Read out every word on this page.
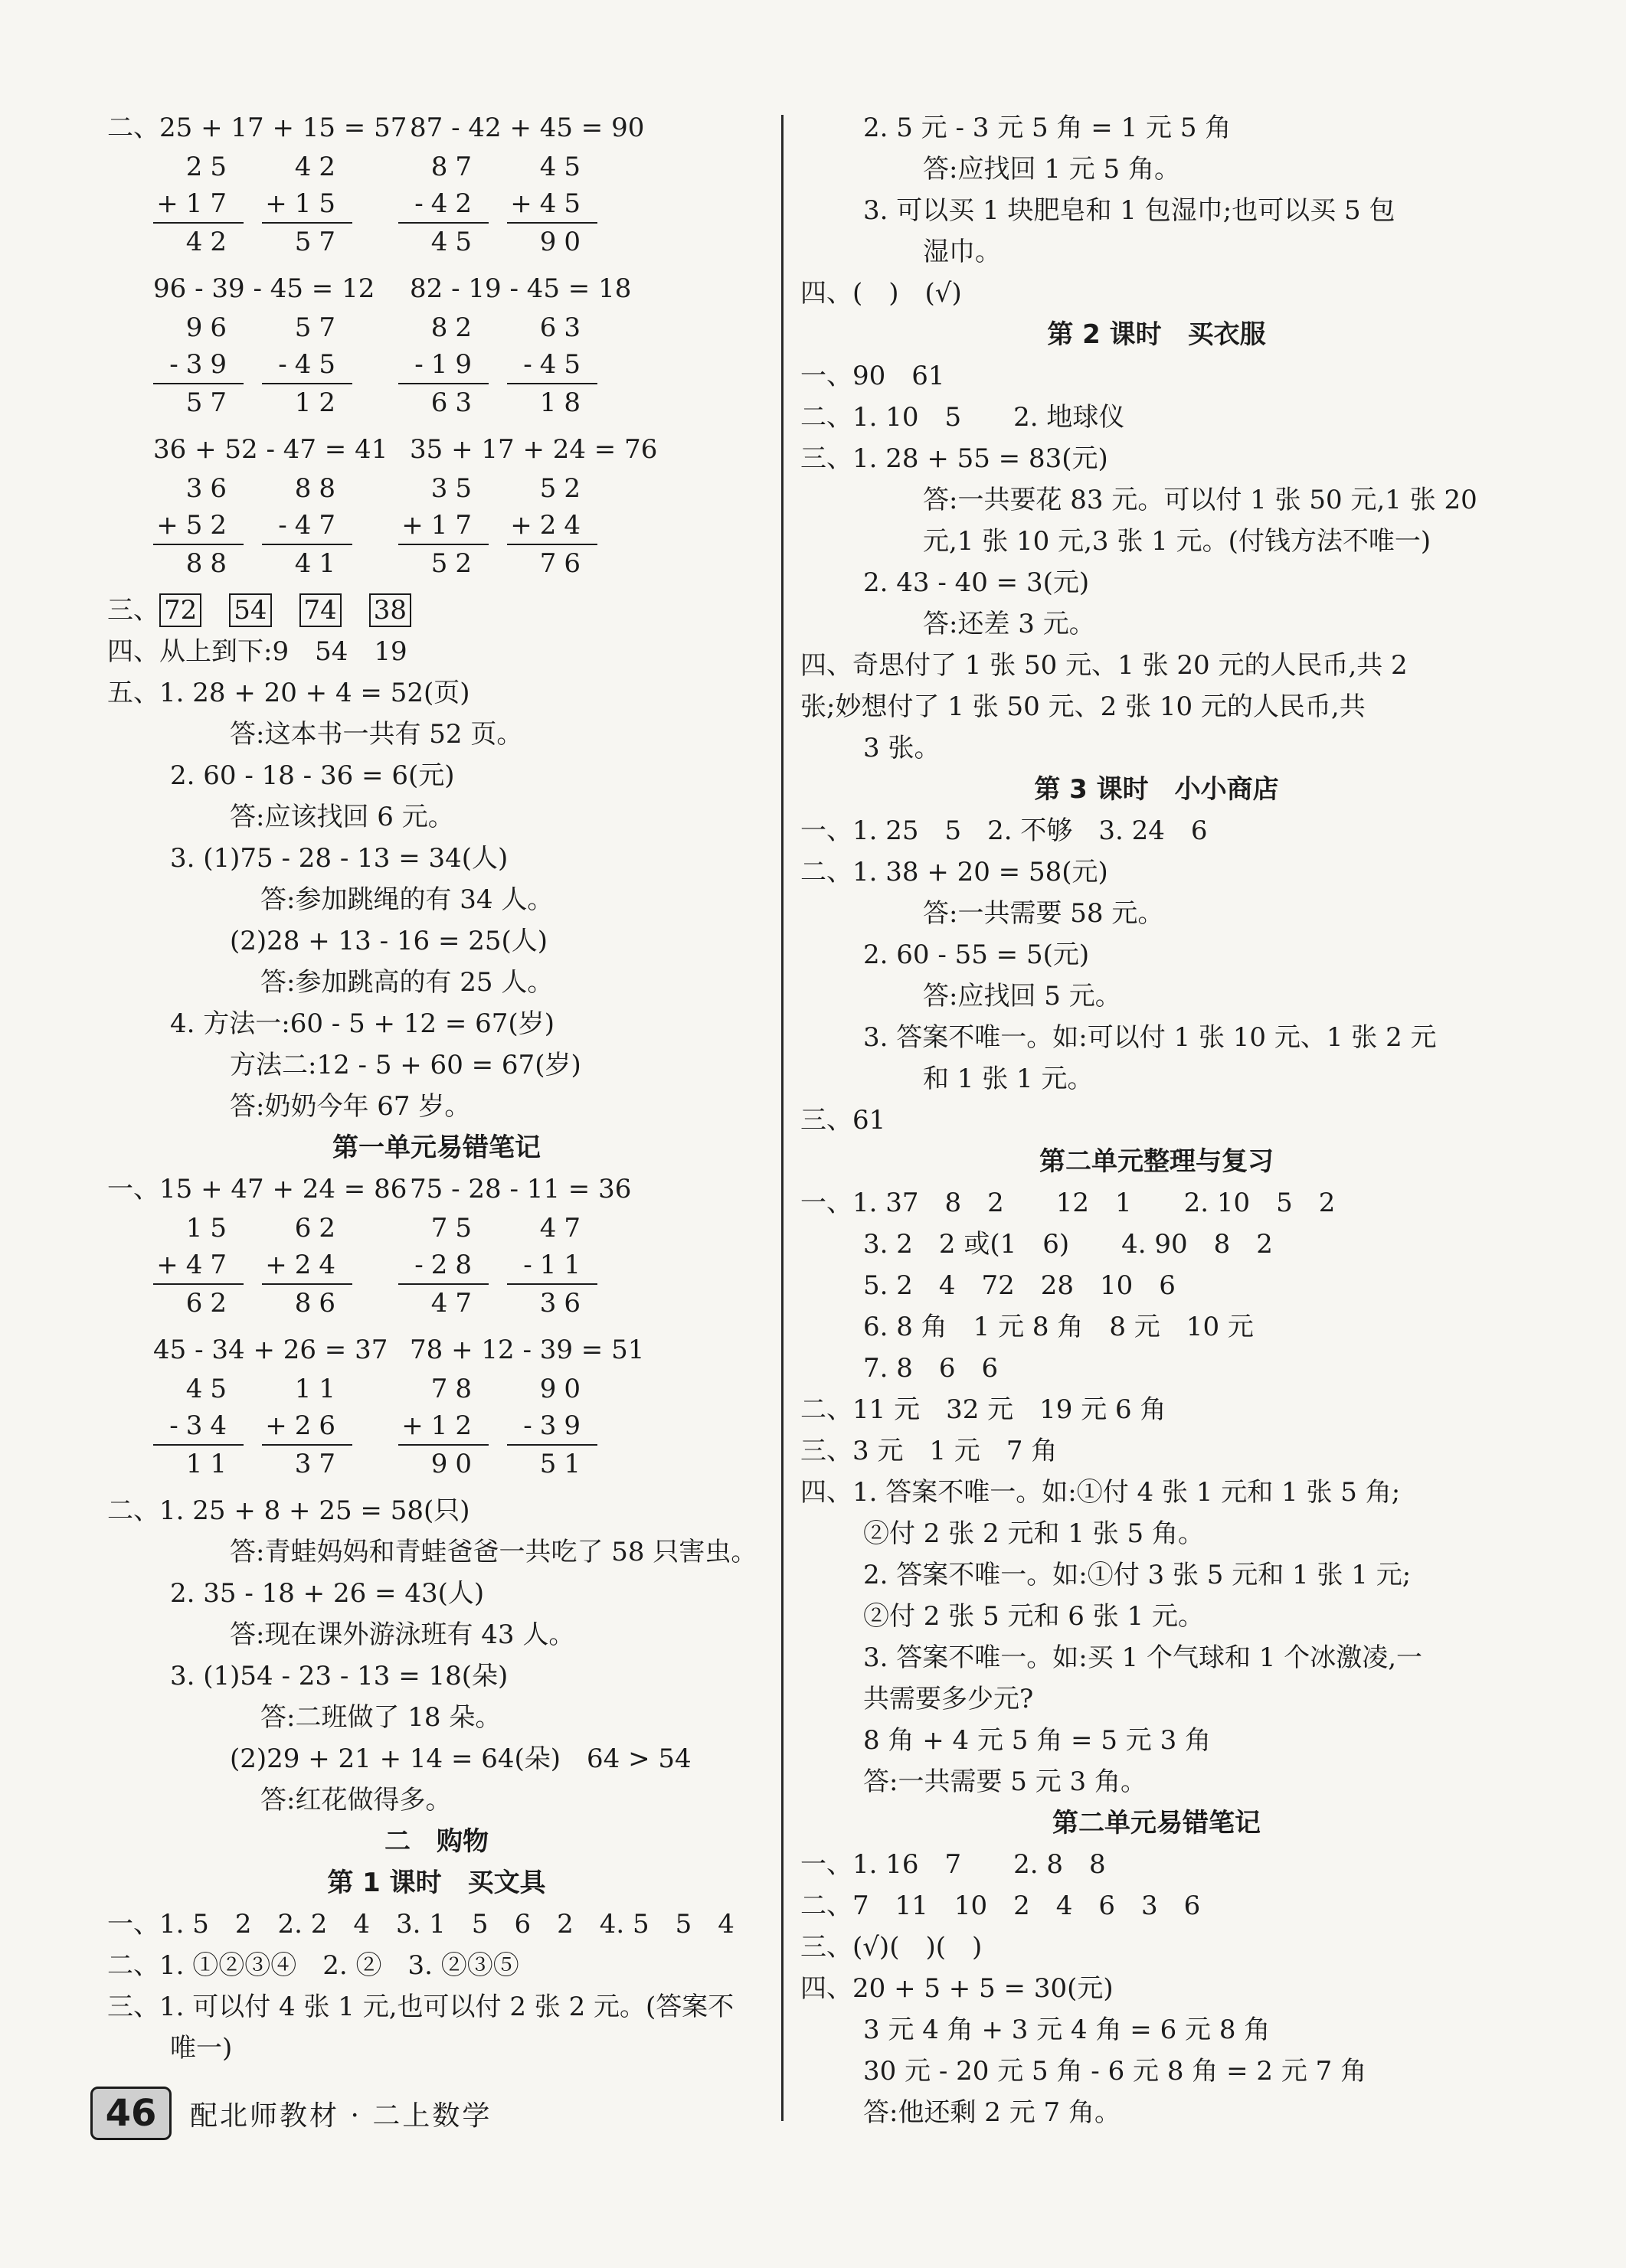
二、25 + 17 + 15 = 57 87 - 42 + 45 = 90
25
+17
42
42
+15
57
87
-42
45
45
+45
90
96 - 39 - 45 = 12	82 - 19 - 45 = 18
96
-39
57
57
-45
12
82
-19
63
63
-45
18
36 + 52 - 47 = 41 35 + 17 + 24 = 76
36
+52
88
88
-47
41
35
+17
52
52
+24
76
三、 72 54 74 38
四、从上到下:9　54　19
五、1. 28 + 20 + 4 = 52(页)
答:这本书一共有 52 页。
2. 60 - 18 - 36 = 6(元)
答:应该找回 6 元。
3. (1)75 - 28 - 13 = 34(人)
答:参加跳绳的有 34 人。
(2)28 + 13 - 16 = 25(人)
答:参加跳高的有 25 人。
4. 方法一:60 - 5 + 12 = 67(岁)
方法二:12 - 5 + 60 = 67(岁)
答:奶奶今年 67 岁。
第一单元易错笔记
一、15 + 47 + 24 = 86 75 - 28 - 11 = 36
15
+47
62
62
+24
86
75
-28
47
47
-11
36
45 - 34 + 26 = 37 78 + 12 - 39 = 51
45
-34
11
11
+26
37
78
+12
90
90
-39
51
二、1. 25 + 8 + 25 = 58(只)
答:青蛙妈妈和青蛙爸爸一共吃了 58 只害虫。
2. 35 - 18 + 26 = 43(人)
答:现在课外游泳班有 43 人。
3. (1)54 - 23 - 13 = 18(朵)
答:二班做了 18 朵。
(2)29 + 21 + 14 = 64(朵)　64 > 54
答:红花做得多。
二　购物
第 1 课时　买文具
一、1. 5　2　2. 2　4　3. 1　5　6　2　4. 5　5　4
二、1. ①②③④　2. ②　3. ②③⑤
三、1. 可以付 4 张 1 元,也可以付 2 张 2 元。(答案不
唯一)
2. 5 元 - 3 元 5 角 = 1 元 5 角
答:应找回 1 元 5 角。
3. 可以买 1 块肥皂和 1 包湿巾;也可以买 5 包
湿巾。
四、(　)　(√)
第 2 课时　买衣服
一、90　61
二、1. 10　5　　2. 地球仪
三、1. 28 + 55 = 83(元)
答:一共要花 83 元。可以付 1 张 50 元,1 张 20
元,1 张 10 元,3 张 1 元。(付钱方法不唯一)
2. 43 - 40 = 3(元)
答:还差 3 元。
四、奇思付了 1 张 50 元、1 张 20 元的人民币,共 2
张;妙想付了 1 张 50 元、2 张 10 元的人民币,共
3 张。
第 3 课时　小小商店
一、1. 25　5　2. 不够　3. 24　6
二、1. 38 + 20 = 58(元)
答:一共需要 58 元。
2. 60 - 55 = 5(元)
答:应找回 5 元。
3. 答案不唯一。如:可以付 1 张 10 元、1 张 2 元
和 1 张 1 元。
三、61
第二单元整理与复习
一、1. 37　8　2　　12　1　　2. 10　5　2
3. 2　2 或(1　6)　　4. 90　8　2
5. 2　4　72　28　10　6
6. 8 角　1 元 8 角　8 元　10 元
7. 8　6　6
二、11 元　32 元　19 元 6 角
三、3 元　1 元　7 角
四、1. 答案不唯一。如:①付 4 张 1 元和 1 张 5 角;
②付 2 张 2 元和 1 张 5 角。
2. 答案不唯一。如:①付 3 张 5 元和 1 张 1 元;
②付 2 张 5 元和 6 张 1 元。
3. 答案不唯一。如:买 1 个气球和 1 个冰激凌,一
共需要多少元?
8 角 + 4 元 5 角 = 5 元 3 角
答:一共需要 5 元 3 角。
第二单元易错笔记
一、1. 16　7　　2. 8　8
二、7　11　10　2　4　6　3　6
三、(√)(　)(　)
四、20 + 5 + 5 = 30(元)
3 元 4 角 + 3 元 4 角 = 6 元 8 角
30 元 - 20 元 5 角 - 6 元 8 角 = 2 元 7 角
答:他还剩 2 元 7 角。
46	配北师教材 · 二上数学
